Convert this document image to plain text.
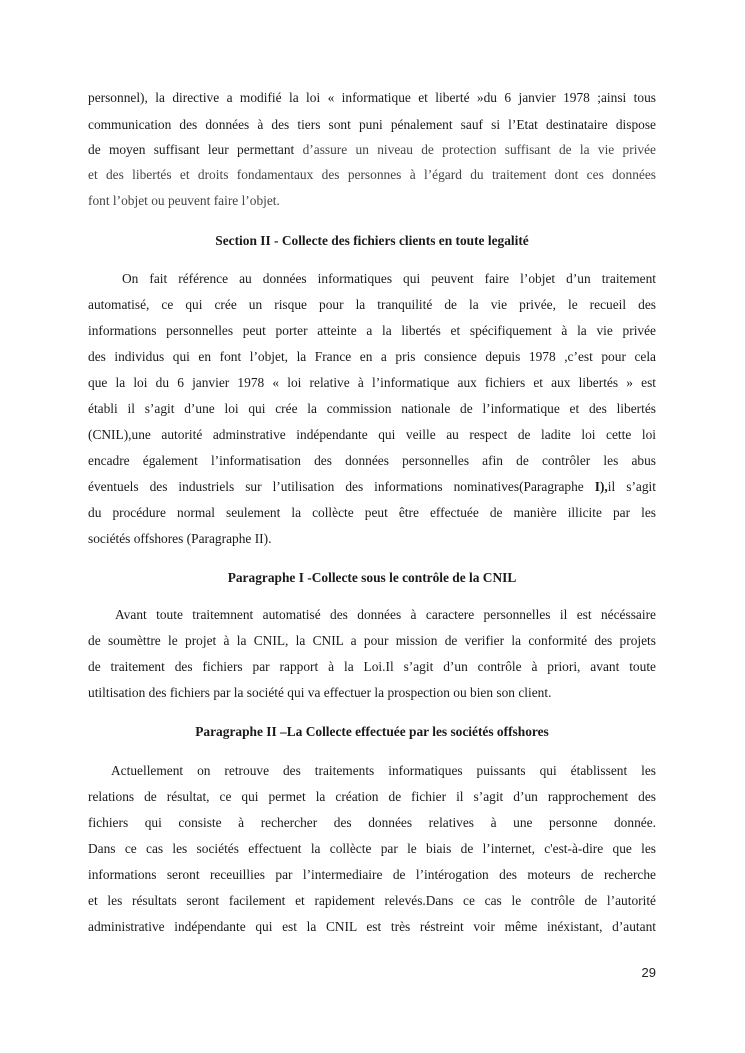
personnel), la directive a modifié la loi « informatique et liberté »du 6 janvier 1978 ;ainsi tous
communication des données à des tiers sont puni pénalement sauf si l’Etat destinataire dispose
de moyen suffisant leur permettant d’assure un niveau de protection suffisant de la vie privée
et des libertés et droits fondamentaux des personnes à l’égard du traitement dont ces données
font l’objet ou peuvent faire l’objet.
Section II - Collecte des fichiers clients en toute legalité
On fait référence au données informatiques qui peuvent faire l’objet d’un traitement
automatisé, ce qui crée un risque pour la tranquilité de la vie privée, le recueil des
informations personnelles peut porter atteinte a la libertés et spécifiquement à la vie privée
des individus qui en font l’objet, la France en a pris consience depuis 1978 ,c’est pour cela
que la loi du 6 janvier 1978 « loi relative à l’informatique aux fichiers et aux libertés » est
établi il s’agit d’une loi qui crée la commission nationale de l’informatique et des libertés
(CNIL),une autorité adminstrative indépendante qui veille au respect de ladite loi cette loi
encadre également l’informatisation des données personnelles afin de contrôler les abus
éventuels des industriels sur l’utilisation des informations nominatives(Paragraphe I),il s’agit
du procédure normal seulement la collècte peut être effectuée de manière illicite par les
sociétés offshores (Paragraphe II).
Paragraphe I -Collecte sous le contrôle de la CNIL
Avant toute traitemnent automatisé des données à caractere personnelles il est nécéssaire
de soumèttre le projet à la CNIL, la CNIL a pour mission de verifier la conformité des projets
de traitement des fichiers par rapport à la Loi.Il s’agit d’un contrôle à priori, avant toute
utiltisation des fichiers par la société qui va effectuer la prospection ou bien son client.
Paragraphe II –La Collecte effectuée par les sociétés offshores
Actuellement on retrouve des traitements informatiques puissants qui établissent les
relations de résultat, ce qui permet la création de fichier il s’agit d’un rapprochement des
fichiers qui consiste à rechercher des données relatives à une personne donnée.
Dans ce cas les sociétés effectuent la collècte par le biais de l’internet, c'est-à-dire que les
informations seront receuillies par l’intermediaire de l’intérogation des moteurs de recherche
et les résultats seront facilement et rapidement relevés.Dans ce cas le contrôle de l’autorité
administrative indépendante qui est la CNIL est très réstreint voir même inéxistant, d’autant
29
